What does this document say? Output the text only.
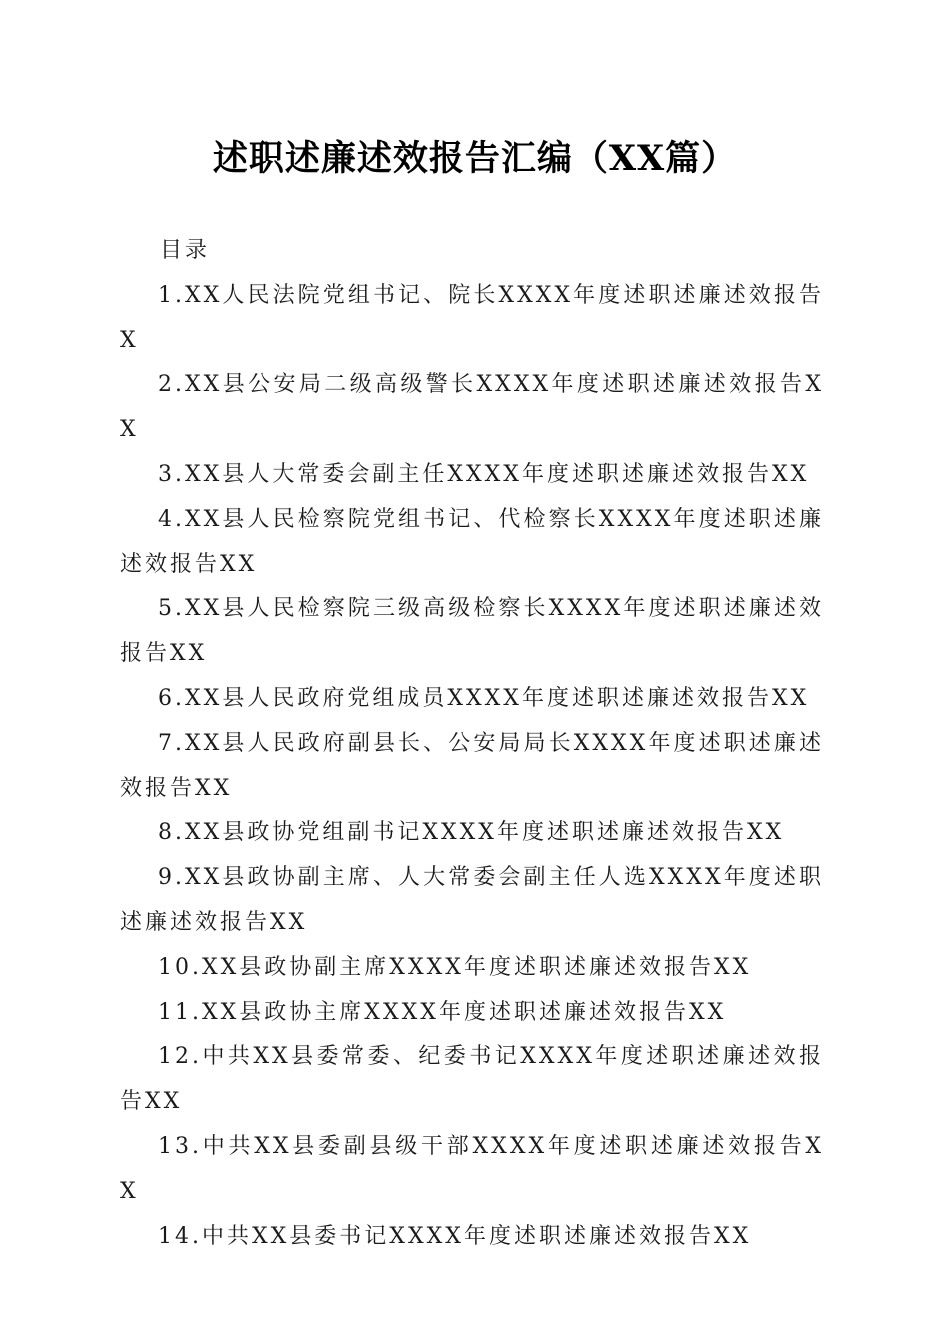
述职述廉述效报告汇编（XX篇）

目录

1.XX人民法院党组书记、院长XXXX年度述职述廉述效报告X

2.XX县公安局二级高级警长XXXX年度述职述廉述效报告XX

3.XX县人大常委会副主任XXXX年度述职述廉述效报告XX

4.XX县人民检察院党组书记、代检察长XXXX年度述职述廉述效报告XX

5.XX县人民检察院三级高级检察长XXXX年度述职述廉述效报告XX

6.XX县人民政府党组成员XXXX年度述职述廉述效报告XX

7.XX县人民政府副县长、公安局局长XXXX年度述职述廉述效报告XX

8.XX县政协党组副书记XXXX年度述职述廉述效报告XX

9.XX县政协副主席、人大常委会副主任人选XXXX年度述职述廉述效报告XX

10.XX县政协副主席XXXX年度述职述廉述效报告XX

11.XX县政协主席XXXX年度述职述廉述效报告XX

12.中共XX县委常委、纪委书记XXXX年度述职述廉述效报告XX

13.中共XX县委副县级干部XXXX年度述职述廉述效报告XX

14.中共XX县委书记XXXX年度述职述廉述效报告XX
